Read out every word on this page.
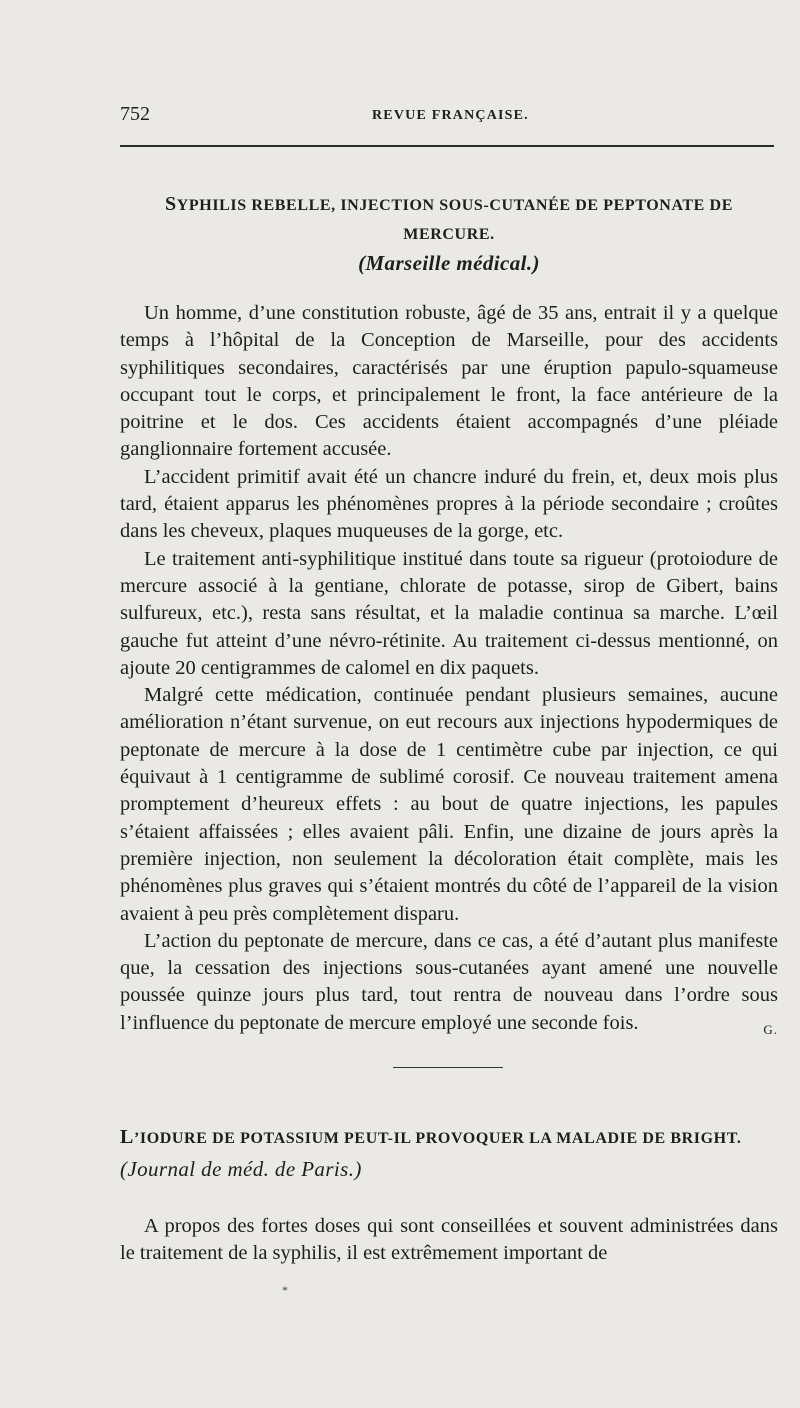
752	REVUE FRANÇAISE.

SYPHILIS REBELLE, INJECTION SOUS-CUTANÉE DE PEPTONATE DE MERCURE.

(Marseille médical.)

Un homme, d’une constitution robuste, âgé de 35 ans, entrait il y a quelque temps à l’hôpital de la Conception de Marseille, pour des accidents syphilitiques secondaires, caractérisés par une éruption papulo-squameuse occupant tout le corps, et principalement le front, la face antérieure de la poitrine et le dos. Ces accidents étaient accompagnés d’une pléiade ganglionnaire fortement accusée.

L’accident primitif avait été un chancre induré du frein, et, deux mois plus tard, étaient apparus les phénomènes propres à la période secondaire ; croûtes dans les cheveux, plaques muqueuses de la gorge, etc.

Le traitement anti-syphilitique institué dans toute sa rigueur (protoiodure de mercure associé à la gentiane, chlorate de potasse, sirop de Gibert, bains sulfureux, etc.), resta sans résultat, et la maladie continua sa marche. L’œil gauche fut atteint d’une névro-rétinite. Au traitement ci-dessus mentionné, on ajoute 20 centigrammes de calomel en dix paquets.

Malgré cette médication, continuée pendant plusieurs semaines, aucune amélioration n’étant survenue, on eut recours aux injections hypodermiques de peptonate de mercure à la dose de 1 centimètre cube par injection, ce qui équivaut à 1 centigramme de sublimé corosif. Ce nouveau traitement amena promptement d’heureux effets : au bout de quatre injections, les papules s’étaient affaissées ; elles avaient pâli. Enfin, une dizaine de jours après la première injection, non seulement la décoloration était complète, mais les phénomènes plus graves qui s’étaient montrés du côté de l’appareil de la vision avaient à peu près complètement disparu.

L’action du peptonate de mercure, dans ce cas, a été d’autant plus manifeste que, la cessation des injections sous-cutanées ayant amené une nouvelle poussée quinze jours plus tard, tout rentra de nouveau dans l’ordre sous l’influence du peptonate de mercure employé une seconde fois.	G.

L’IODURE DE POTASSIUM PEUT-IL PROVOQUER LA MALADIE DE BRIGHT. (Journal de méd. de Paris.)

A propos des fortes doses qui sont conseillées et souvent administrées dans le traitement de la syphilis, il est extrêmement important de

*
